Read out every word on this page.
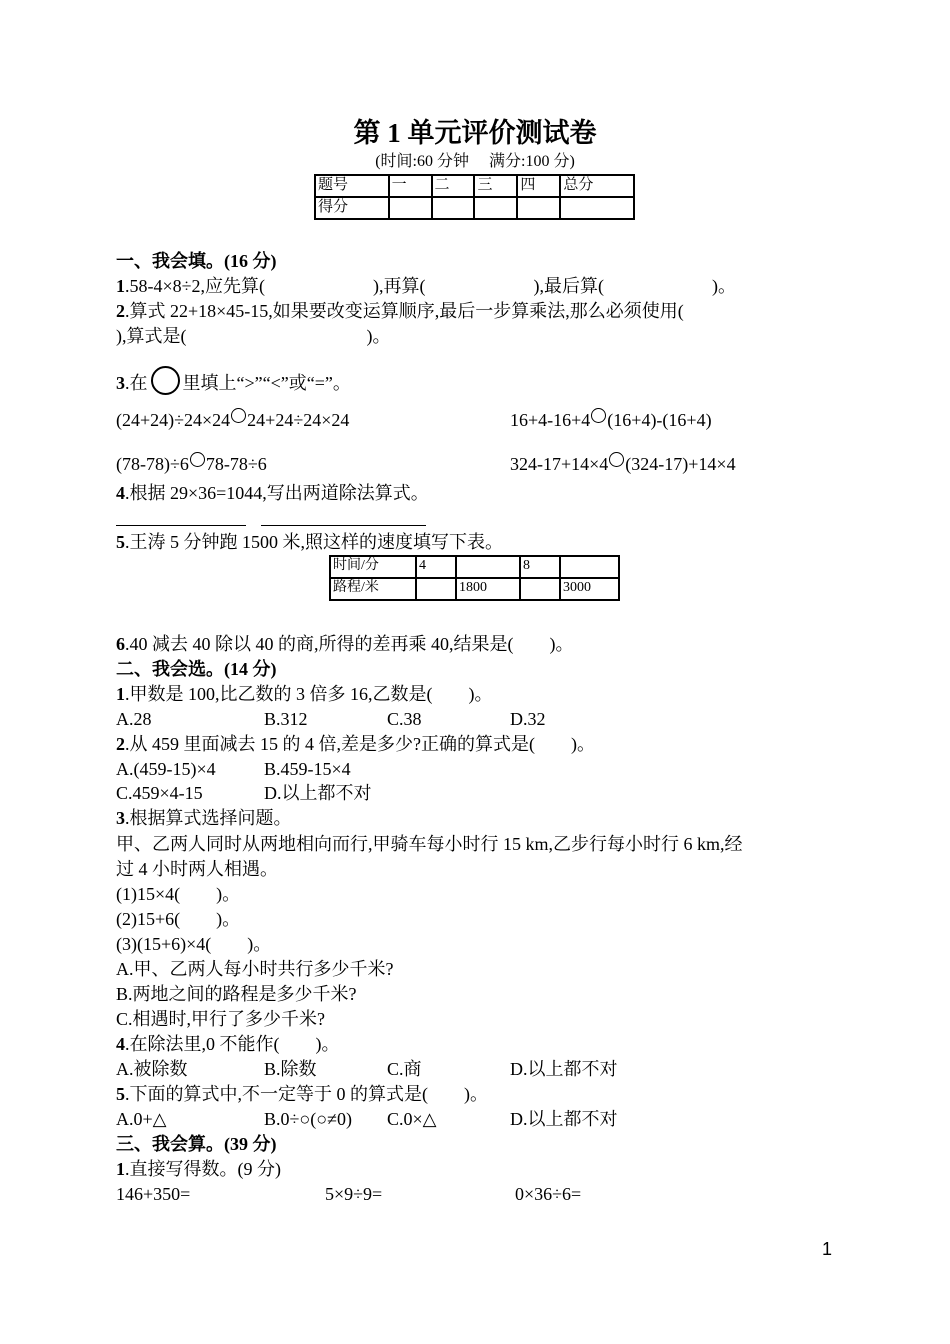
第 1 单元评价测试卷
(时间:60 分钟　 满分:100 分)
题号	一	二	三	四	总分
得分					
一、我会填。(16 分)
1.58-4×8÷2,应先算(　　　　　　),再算(　　　　　　),最后算(　　　　　　)。
2.算式 22+18×45-15,如果要改变运算顺序,最后一步算乘法,那么必须使用(
),算式是(　　　　　　　　　　)。
3.在 里填上“>”“<”或“=”。
(24+24)÷24×24 24+24÷24×24	16+4-16+4 (16+4)-(16+4)
(78-78)÷6 78-78÷6	324-17+14×4 (324-17)+14×4
4.根据 29×36=1044,写出两道除法算式。
5.王涛 5 分钟跑 1500 米,照这样的速度填写下表。
时间/分	4		8	
路程/米		1800		3000
6.40 减去 40 除以 40 的商,所得的差再乘 40,结果是(　　)。
二、我会选。(14 分)
1.甲数是 100,比乙数的 3 倍多 16,乙数是(　　)。
A.28	B.312	C.38	D.32
2.从 459 里面减去 15 的 4 倍,差是多少?正确的算式是(　　)。
A.(459-15)×4	B.459-15×4
C.459×4-15	D.以上都不对
3.根据算式选择问题。
甲、乙两人同时从两地相向而行,甲骑车每小时行 15 km,乙步行每小时行 6 km,经
过 4 小时两人相遇。
(1)15×4(　　)。
(2)15+6(　　)。
(3)(15+6)×4(　　)。
A.甲、乙两人每小时共行多少千米?
B.两地之间的路程是多少千米?
C.相遇时,甲行了多少千米?
4.在除法里,0 不能作(　　)。
A.被除数	B.除数	C.商	D.以上都不对
5.下面的算式中,不一定等于 0 的算式是(　　)。
A.0+△	B.0÷○(○≠0) C.0×△	D.以上都不对
三、我会算。(39 分)
1.直接写得数。(9 分)
146+350=	5×9÷9=	0×36÷6=
1
